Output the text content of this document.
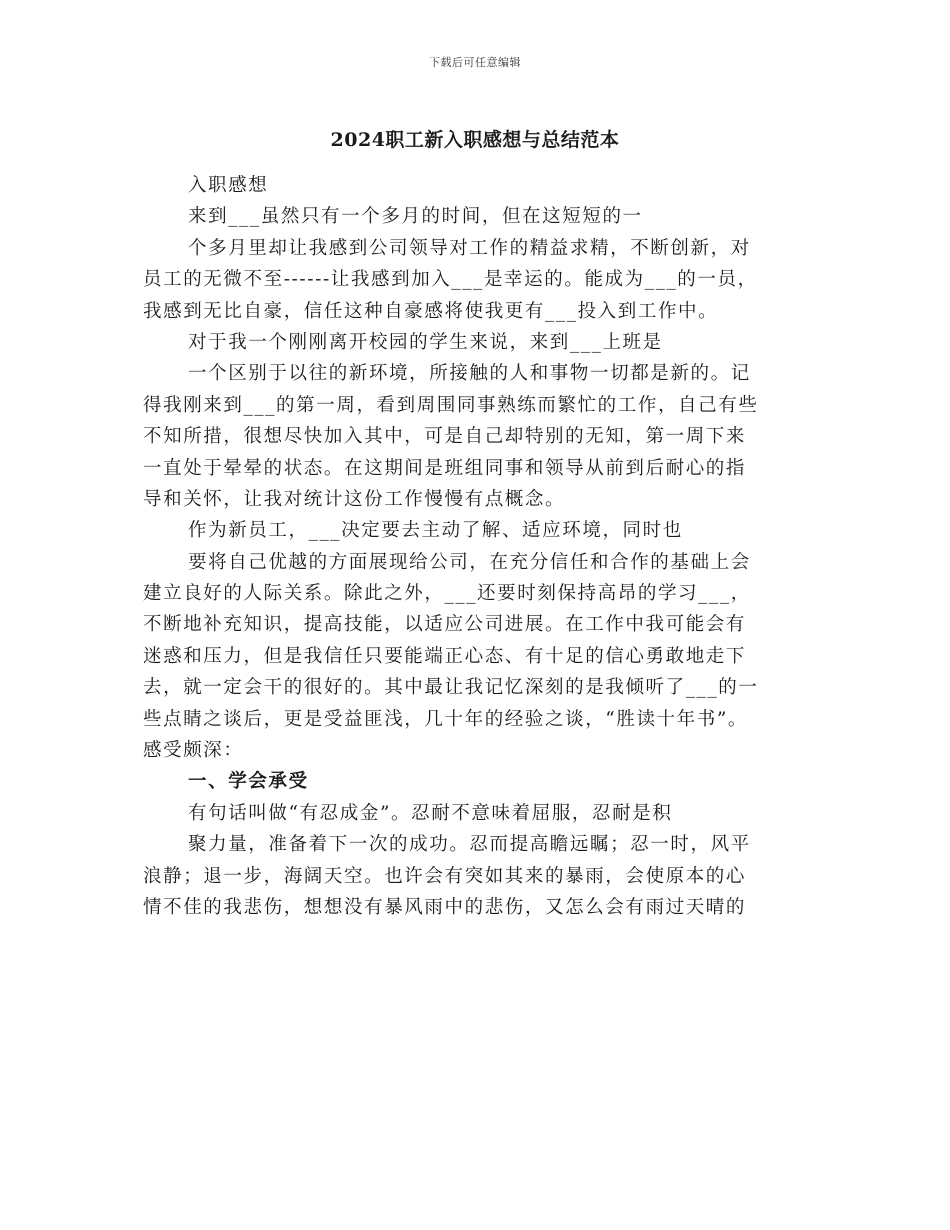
下载后可任意编辑
2024职工新入职感想与总结范本
入职感想
来到___虽然只有一个多月的时间，但在这短短的一
个多月里却让我感到公司领导对工作的精益求精，不断创新，对
员工的无微不至------让我感到加入___是幸运的。能成为___的一员，
我感到无比自豪，信任这种自豪感将使我更有___投入到工作中。
对于我一个刚刚离开校园的学生来说，来到___上班是
一个区别于以往的新环境，所接触的人和事物一切都是新的。记
得我刚来到___的第一周，看到周围同事熟练而繁忙的工作，自己有些
不知所措，很想尽快加入其中，可是自己却特别的无知，第一周下来
一直处于晕晕的状态。在这期间是班组同事和领导从前到后耐心的指
导和关怀，让我对统计这份工作慢慢有点概念。
作为新员工，___决定要去主动了解、适应环境，同时也
要将自己优越的方面展现给公司，在充分信任和合作的基础上会
建立良好的人际关系。除此之外，___还要时刻保持高昂的学习___，
不断地补充知识，提高技能，以适应公司进展。在工作中我可能会有
迷惑和压力，但是我信任只要能端正心态、有十足的信心勇敢地走下
去，就一定会干的很好的。其中最让我记忆深刻的是我倾听了___的一
些点睛之谈后，更是受益匪浅，几十年的经验之谈，“胜读十年书”。
感受颇深：
一、学会承受
有句话叫做“有忍成金”。忍耐不意味着屈服，忍耐是积
聚力量，准备着下一次的成功。忍而提高瞻远瞩；忍一时，风平
浪静；退一步，海阔天空。也许会有突如其来的暴雨，会使原本的心
情不佳的我悲伤，想想没有暴风雨中的悲伤，又怎么会有雨过天晴的
